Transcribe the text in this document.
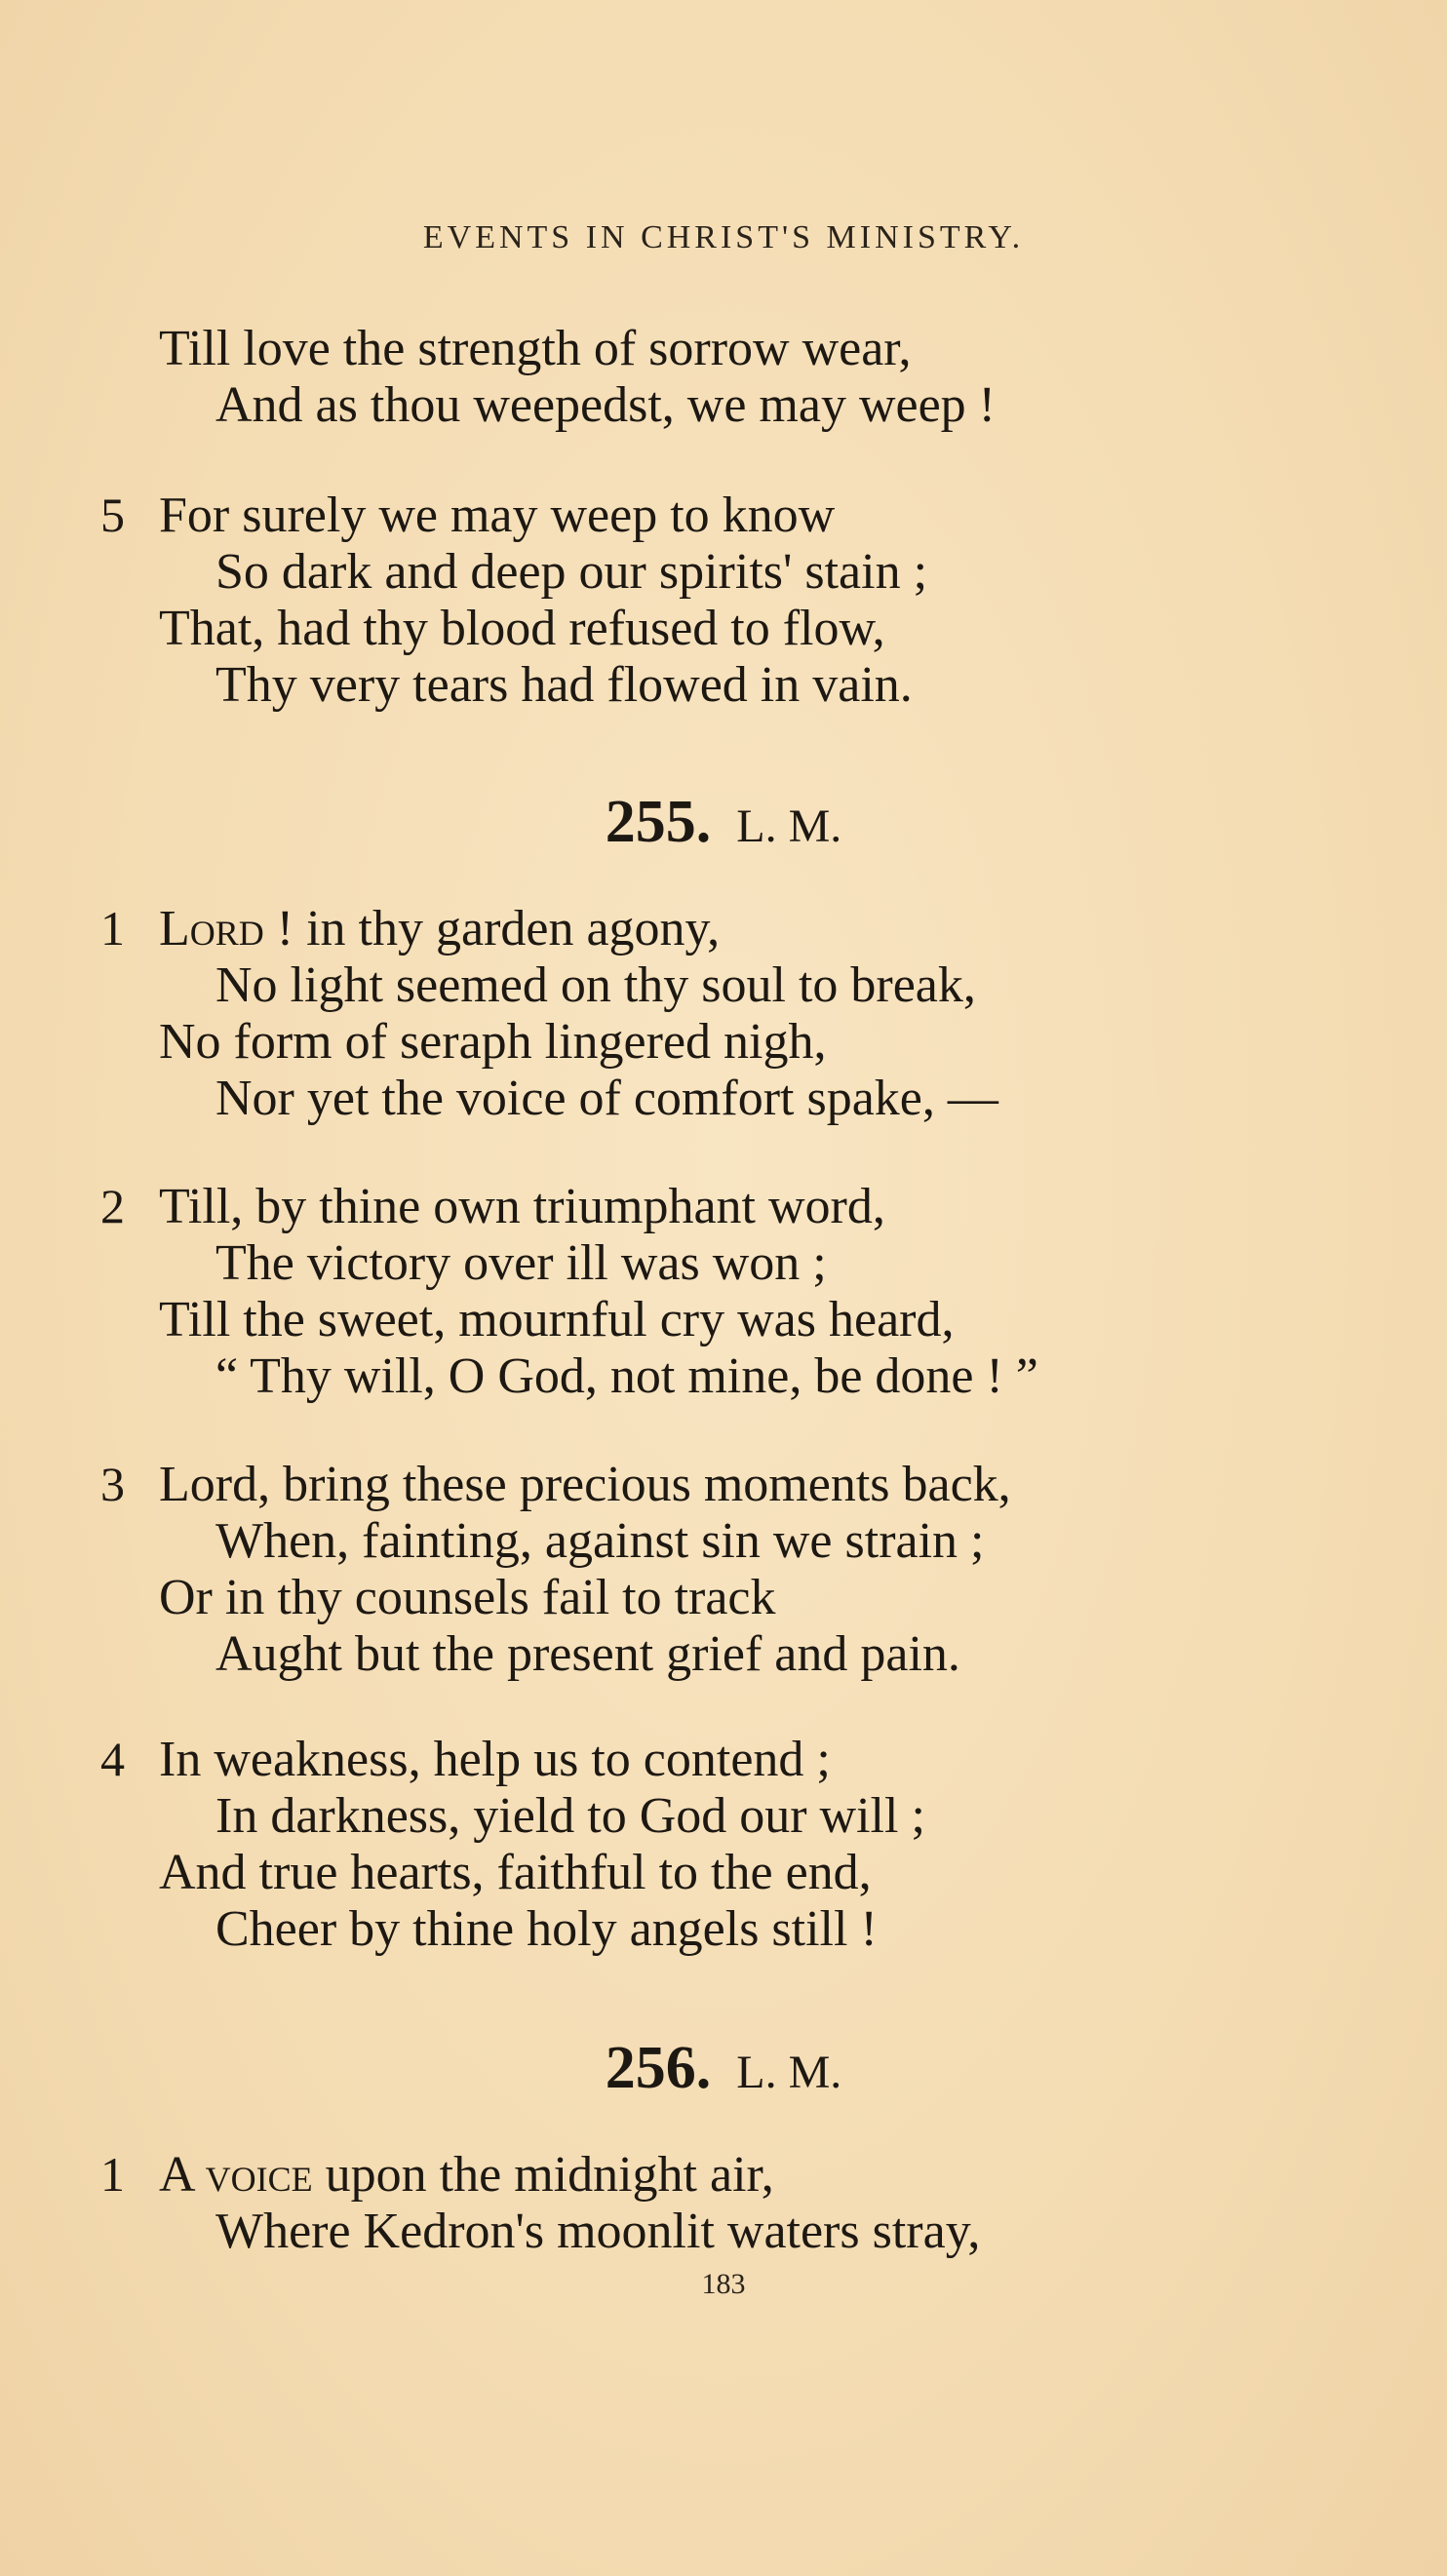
EVENTS IN CHRIST'S MINISTRY.
Till love the strength of sorrow wear,
And as thou weepedst, we may weep !
5 For surely we may weep to know
So dark and deep our spirits' stain ;
That, had thy blood refused to flow,
Thy very tears had flowed in vain.
255. L. M.
1 Lord ! in thy garden agony,
No light seemed on thy soul to break,
No form of seraph lingered nigh,
Nor yet the voice of comfort spake, —
2 Till, by thine own triumphant word,
The victory over ill was won ;
Till the sweet, mournful cry was heard,
“ Thy will, O God, not mine, be done ! ”
3 Lord, bring these precious moments back,
When, fainting, against sin we strain ;
Or in thy counsels fail to track
Aught but the present grief and pain.
4 In weakness, help us to contend ;
In darkness, yield to God our will ;
And true hearts, faithful to the end,
Cheer by thine holy angels still !
256. L. M.
1 A voice upon the midnight air,
Where Kedron's moonlit waters stray,
183
